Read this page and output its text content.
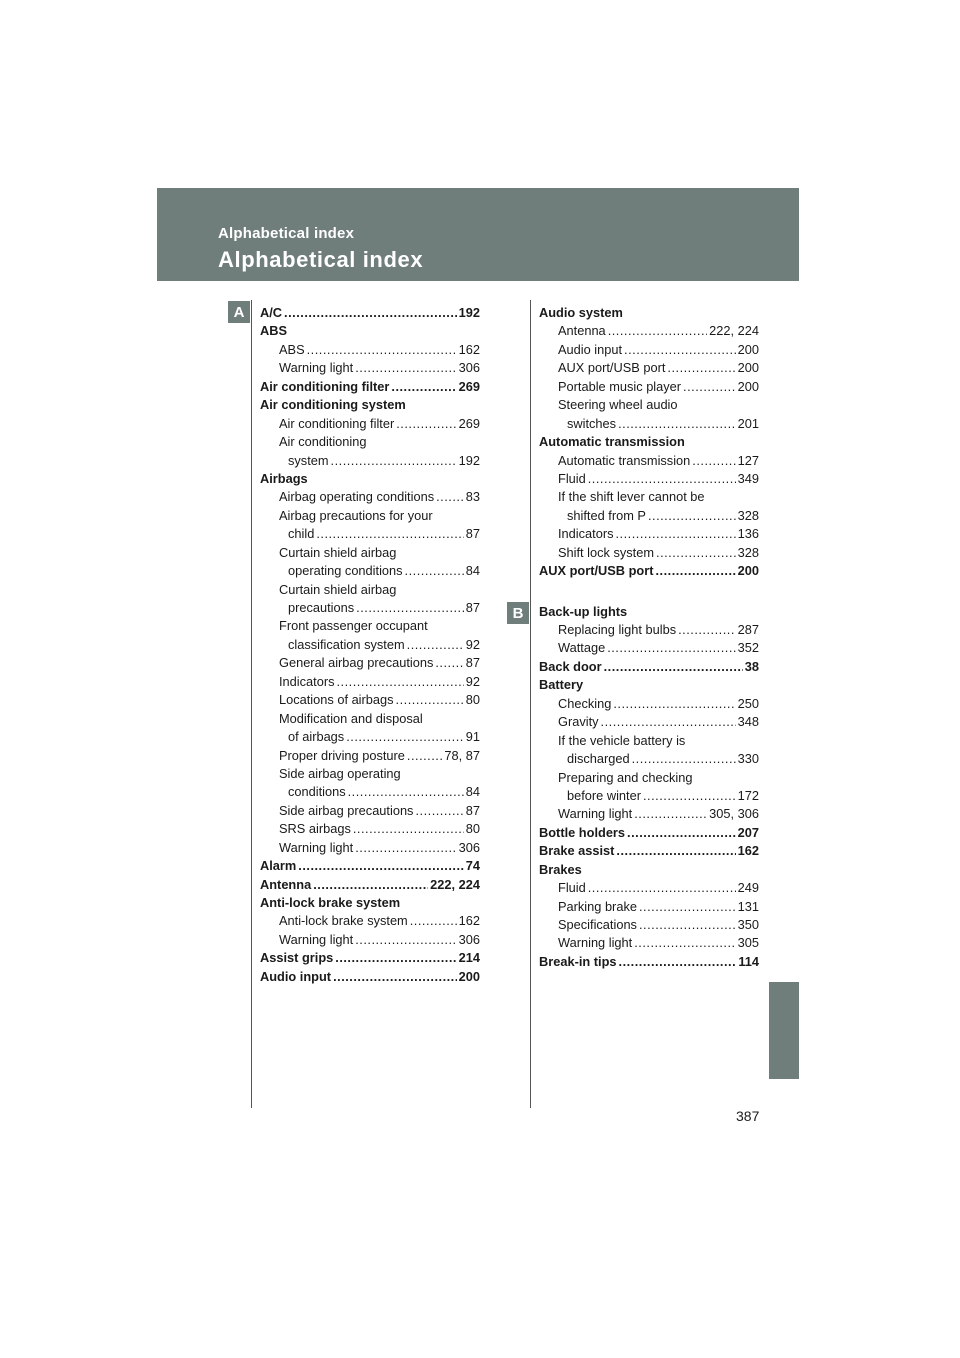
Alphabetical index
Alphabetical index
A
B
A/C .....	192
ABS
ABS .....	162
Warning light .....	306
Air conditioning filter .....	269
Air conditioning system
Air conditioning filter .....	269
Air conditioning
system .....	192
Airbags
Airbag operating conditions ..... 83
Airbag precautions for your
child .....	87
Curtain shield airbag
operating conditions .....	84
Curtain shield airbag
precautions .....	87
Front passenger occupant
classification system .....	92
General airbag precautions .....	87
Indicators .....	92
Locations of airbags .....	80
Modification and disposal
of airbags .....	91
Proper driving posture .....	78, 87
Side airbag operating
conditions .....	84
Side airbag precautions .....	87
SRS airbags .....	80
Warning light .....	306
Alarm .....	74
Antenna .....	222, 224
Anti-lock brake system
Anti-lock brake system .....	162
Warning light .....	306
Assist grips .....	214
Audio input .....	200
Audio system
Antenna .....	222, 224
Audio input .....	200
AUX port/USB port .....	200
Portable music player .....	200
Steering wheel audio
switches .....	201
Automatic transmission
Automatic transmission .....	127
Fluid .....	349
If the shift lever cannot be
shifted from P .....	328
Indicators .....	136
Shift lock system .....	328
AUX port/USB port .....	200
Back-up lights
Replacing light bulbs .....	287
Wattage .....	352
Back door .....	38
Battery
Checking .....	250
Gravity .....	348
If the vehicle battery is
discharged .....	330
Preparing and checking
before winter .....	172
Warning light .....	305, 306
Bottle holders .....	207
Brake assist .....	162
Brakes
Fluid .....	249
Parking brake .....	131
Specifications .....	350
Warning light .....	305
Break-in tips .....	114
387
